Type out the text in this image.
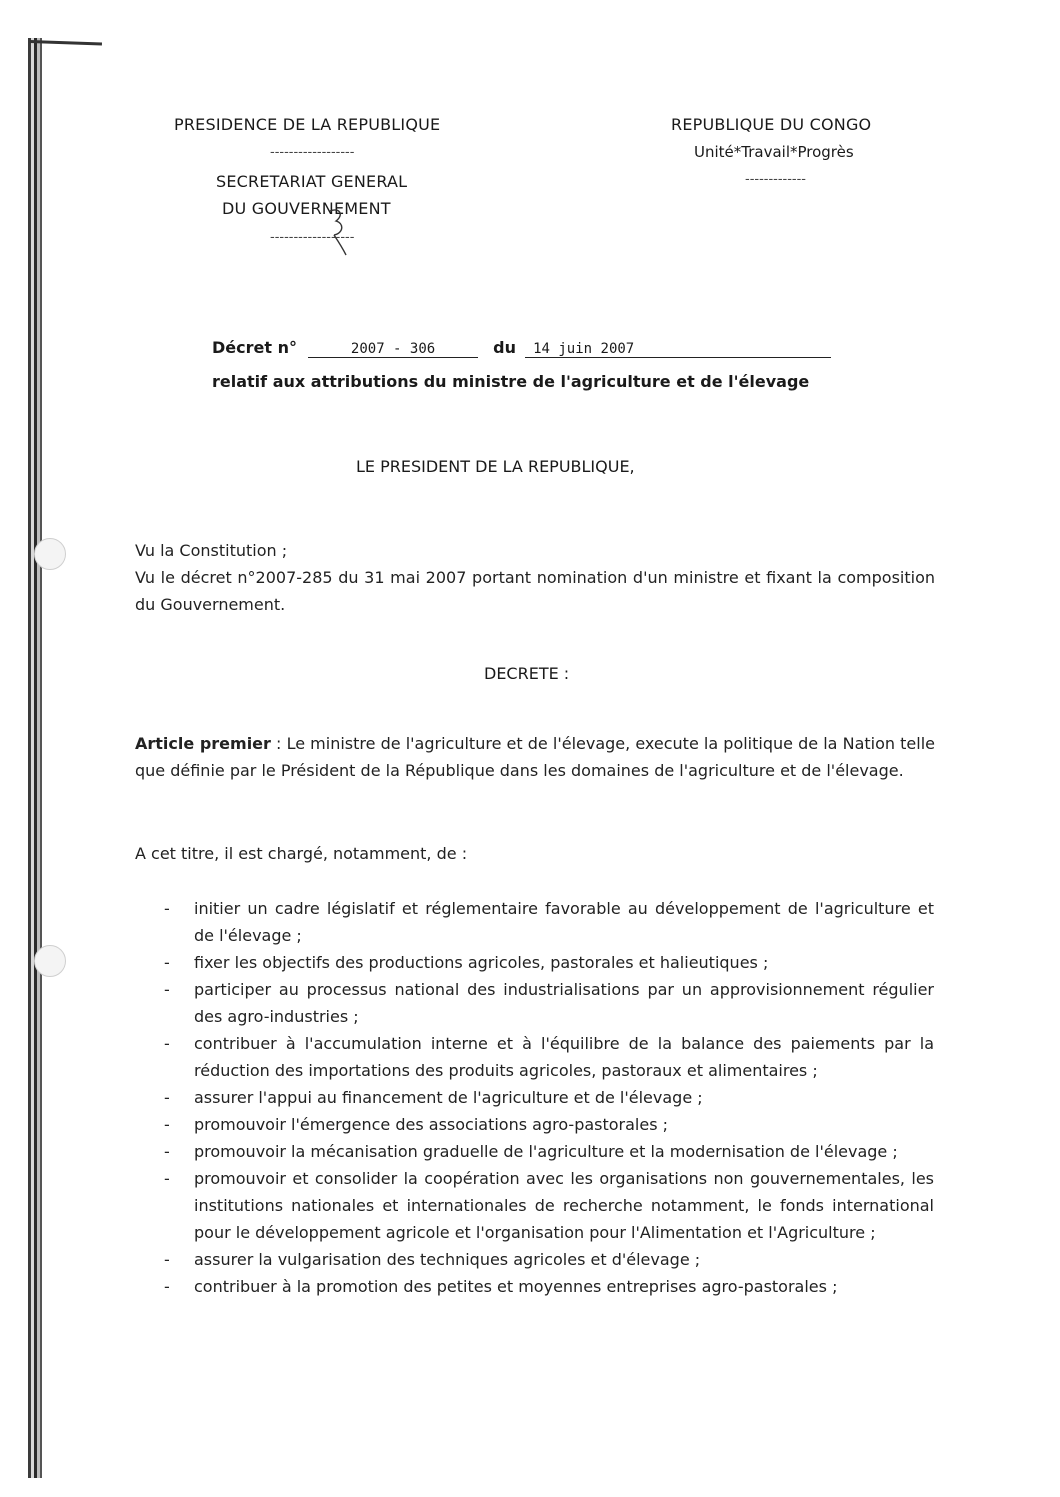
PRESIDENCE DE LA REPUBLIQUE
------------------
SECRETARIAT GENERAL
DU GOUVERNEMENT
------------------
REPUBLIQUE DU CONGO
Unité*Travail*Progrès
-------------
Décret n°	2007 - 306	du 14 juin 2007
relatif aux attributions du ministre de l'agriculture et de l'élevage
LE PRESIDENT DE LA REPUBLIQUE,
Vu la Constitution ;
Vu le décret n°2007-285 du 31 mai 2007 portant nomination d'un ministre et fixant la composition du Gouvernement.
DECRETE :
Article premier : Le ministre de l'agriculture et de l'élevage, execute la politique de la Nation telle que définie par le Président de la République dans les domaines de l'agriculture et de l'élevage.
A cet titre, il est chargé, notamment, de :
- initier un cadre législatif et réglementaire favorable au développement de l'agriculture et de l'élevage ;
- fixer les objectifs des productions agricoles, pastorales et halieutiques ;
- participer au processus national des industrialisations par un approvisionnement régulier des agro-industries ;
- contribuer à l'accumulation interne et à l'équilibre de la balance des paiements par la réduction des importations des produits agricoles, pastoraux et alimentaires ;
- assurer l'appui au financement de l'agriculture et de l'élevage ;
- promouvoir l'émergence des associations agro-pastorales ;
- promouvoir la mécanisation graduelle de l'agriculture et la modernisation de l'élevage ;
- promouvoir et consolider la coopération avec les organisations non gouvernementales, les institutions nationales et internationales de recherche notamment, le fonds international pour le développement agricole et l'organisation pour l'Alimentation et l'Agriculture ;
- assurer la vulgarisation des techniques agricoles et d'élevage ;
- contribuer à la promotion des petites et moyennes entreprises agro-pastorales ;
